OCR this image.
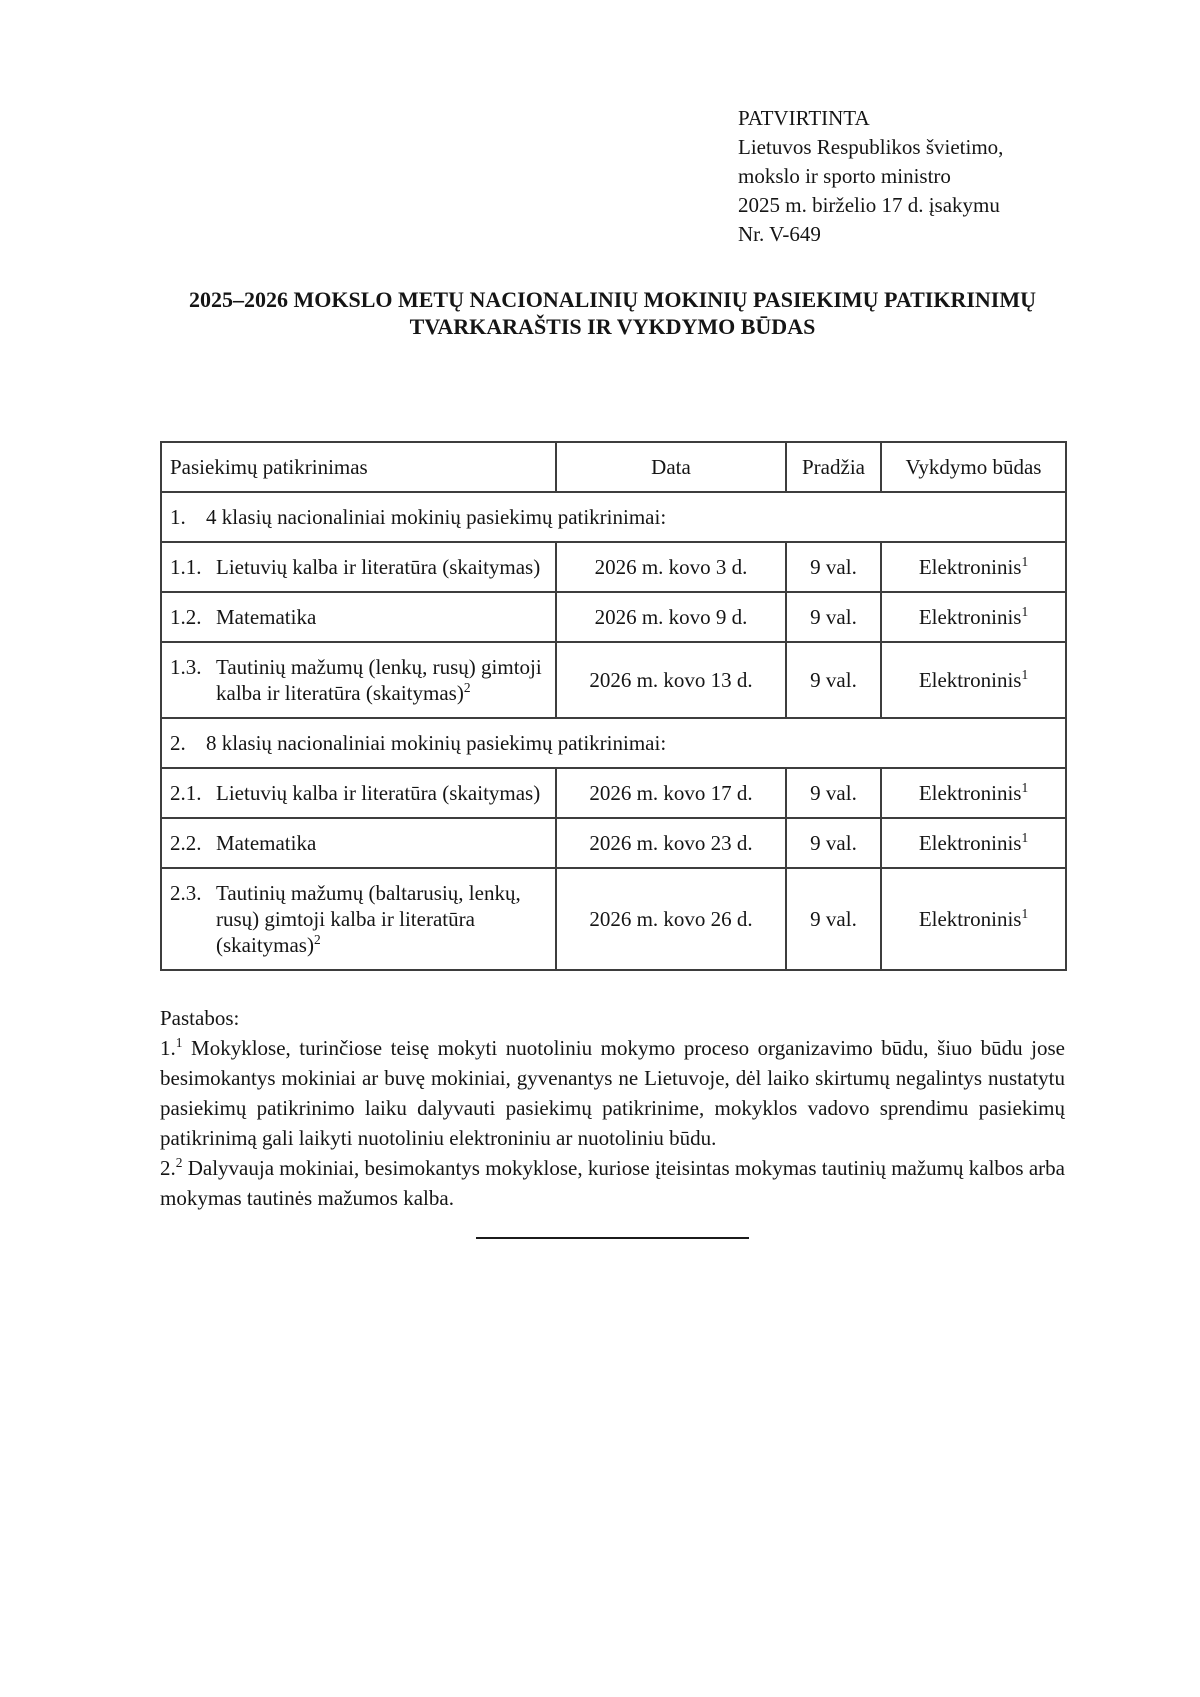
PATVIRTINTA
Lietuvos Respublikos švietimo,
mokslo ir sporto ministro
2025 m. birželio 17 d. įsakymu
Nr. V-649
2025–2026 MOKSLO METŲ NACIONALINIŲ MOKINIŲ PASIEKIMŲ PATIKRINIMŲ
TVARKARAŠTIS IR VYKDYMO BŪDAS
Pasiekimų patikrinimas	Data	Pradžia	Vykdymo būdas

1. 4 klasių nacionaliniai mokinių pasiekimų patikrinimai:			

1.1. Lietuvių kalba ir literatūra (skaitymas)	2026 m. kovo 3 d.	9 val.	Elektroninis$^1$

1.2. Matematika	2026 m. kovo 9 d.	9 val.	Elektroninis$^1$

1.3. Tautinių mažumų (lenkų, rusų) gimtoji kalba ir literatūra (skaitymas)$^2$	2026 m. kovo 13 d.	9 val.	Elektroninis$^1$

2. 8 klasių nacionaliniai mokinių pasiekimų patikrinimai:			

2.1. Lietuvių kalba ir literatūra (skaitymas)	2026 m. kovo 17 d.	9 val.	Elektroninis$^1$

2.2. Matematika	2026 m. kovo 23 d.	9 val.	Elektroninis$^1$

2.3. Tautinių mažumų (baltarusių, lenkų, rusų) gimtoji kalba ir literatūra (skaitymas)$^2$	2026 m. kovo 26 d.	9 val.	Elektroninis$^1$
Pastabos:

1.$^1$ Mokyklose, turinčiose teisę mokyti nuotoliniu mokymo proceso organizavimo būdu, šiuo būdu jose besimokantys mokiniai ar buvę mokiniai, gyvenantys ne Lietuvoje, dėl laiko skirtumų negalintys nustatytu pasiekimų patikrinimo laiku dalyvauti pasiekimų patikrinime, mokyklos vadovo sprendimu pasiekimų patikrinimą gali laikyti nuotoliniu elektroniniu ar nuotoliniu būdu.

2.$^2$ Dalyvauja mokiniai, besimokantys mokyklose, kuriose įteisintas mokymas tautinių mažumų kalbos arba mokymas tautinės mažumos kalba.
